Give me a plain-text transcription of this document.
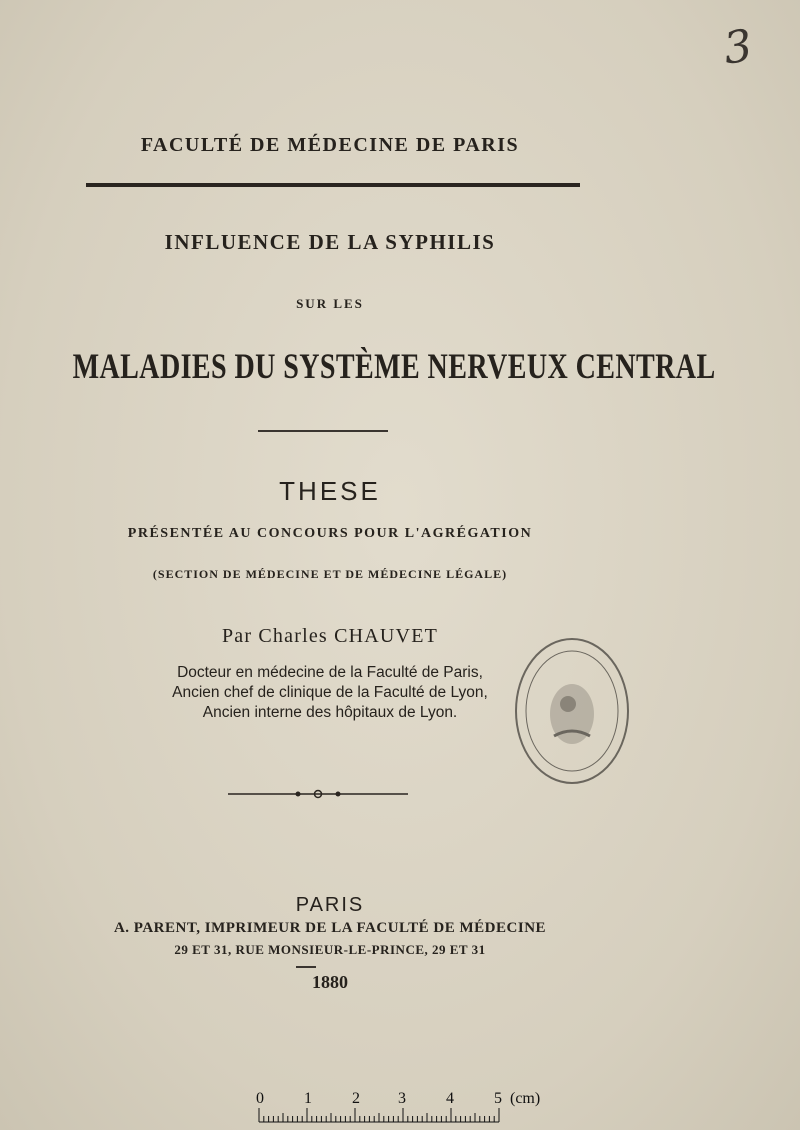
3
FACULTÉ DE MÉDECINE DE PARIS
INFLUENCE DE LA SYPHILIS
SUR LES
MALADIES DU SYSTÈME NERVEUX CENTRAL
THESE
PRÉSENTÉE AU CONCOURS POUR L'AGRÉGATION
(SECTION DE MÉDECINE ET DE MÉDECINE LÉGALE)
Par Charles CHAUVET
Docteur en médecine de la Faculté de Paris,
Ancien chef de clinique de la Faculté de Lyon,
Ancien interne des hôpitaux de Lyon.
PARIS
A. PARENT, IMPRIMEUR DE LA FACULTÉ DE MÉDECINE
29 ET 31, RUE MONSIEUR-LE-PRINCE, 29 ET 31
1880
0	1	2 3	4	5 (cm)
